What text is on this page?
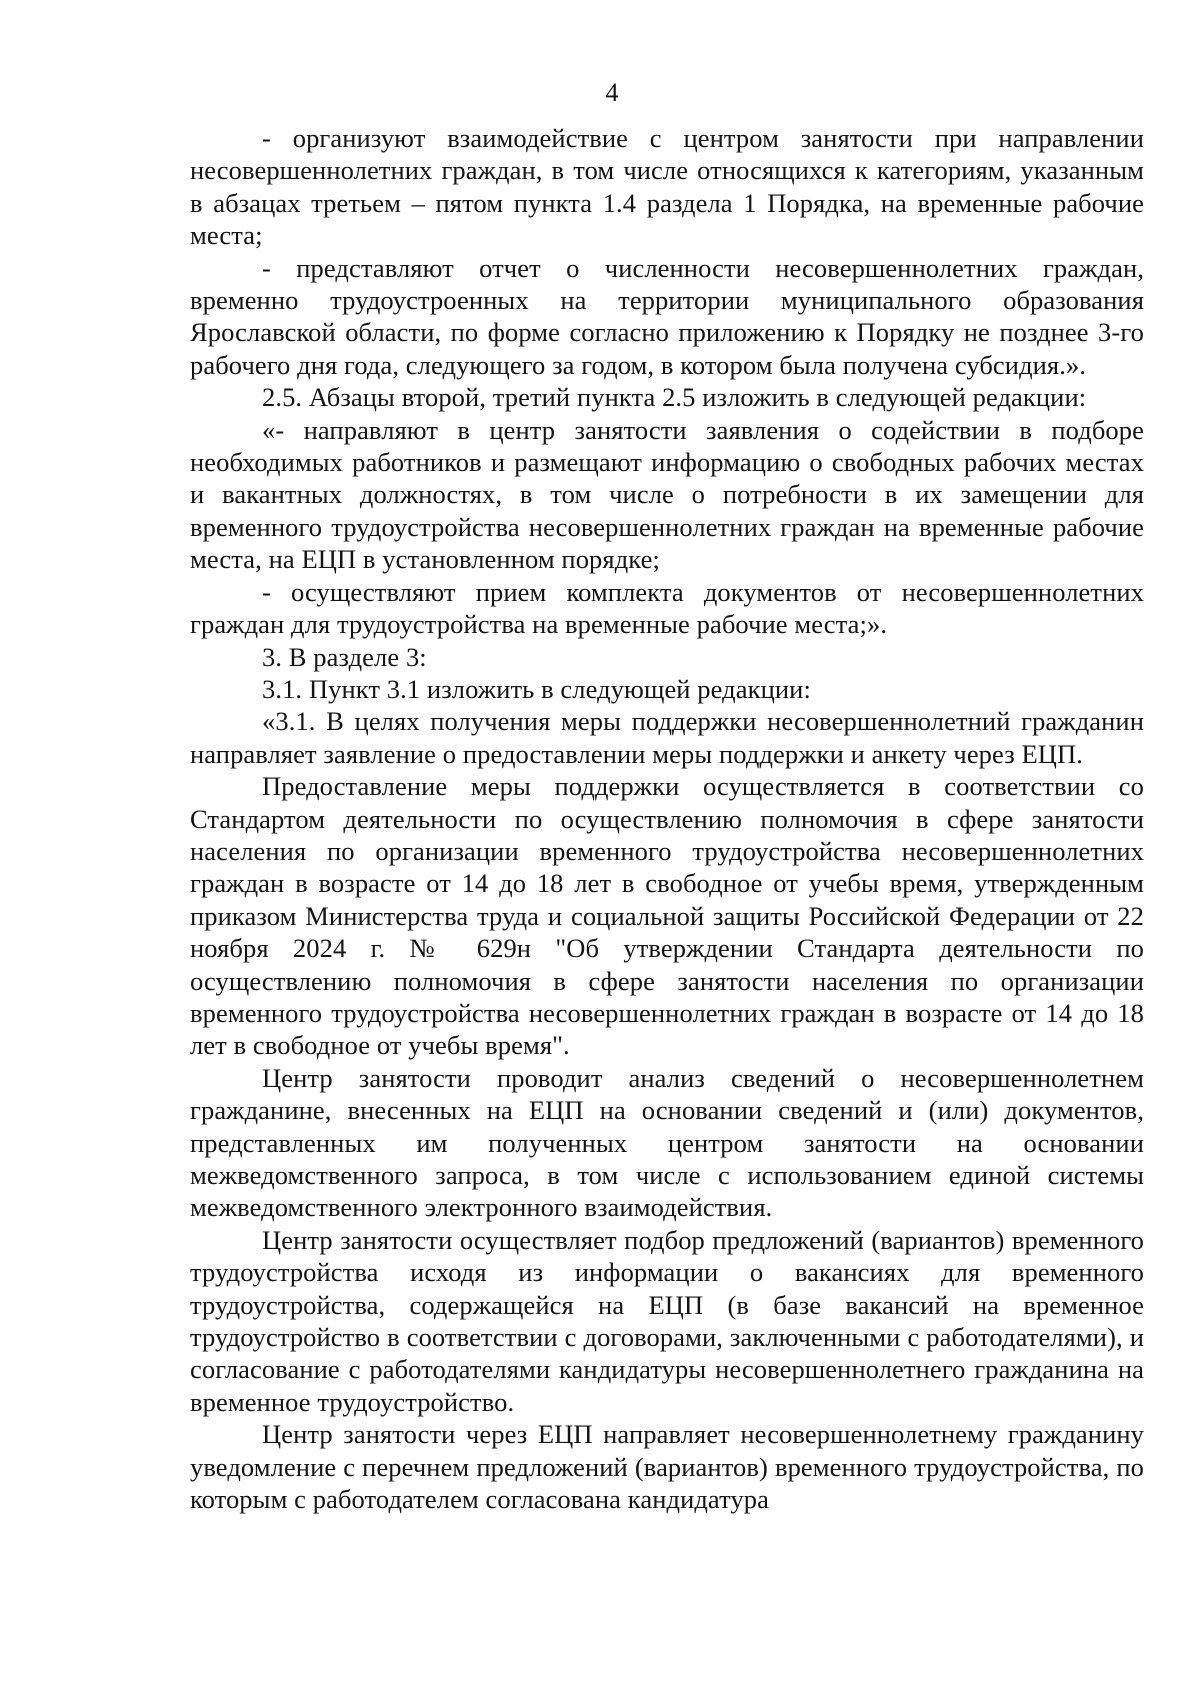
4

- организуют взаимодействие с центром занятости при направлении несовершеннолетних граждан, в том числе относящихся к категориям, указанным в абзацах третьем – пятом пункта 1.4 раздела 1 Порядка, на временные рабочие места;

- представляют отчет о численности несовершеннолетних граждан, временно трудоустроенных на территории муниципального образования Ярославской области, по форме согласно приложению к Порядку не позднее 3-го рабочего дня года, следующего за годом, в котором была получена субсидия.».

2.5. Абзацы второй, третий пункта 2.5 изложить в следующей редакции:

«- направляют в центр занятости заявления о содействии в подборе необходимых работников и размещают информацию о свободных рабочих местах и вакантных должностях, в том числе о потребности в их замещении для временного трудоустройства несовершеннолетних граждан на временные рабочие места, на ЕЦП в установленном порядке;

- осуществляют прием комплекта документов от несовершеннолетних граждан для трудоустройства на временные рабочие места;».

3. В разделе 3:

3.1. Пункт 3.1 изложить в следующей редакции:

«3.1. В целях получения меры поддержки несовершеннолетний гражданин направляет заявление о предоставлении меры поддержки и анкету через ЕЦП.

Предоставление меры поддержки осуществляется в соответствии со Стандартом деятельности по осуществлению полномочия в сфере занятости населения по организации временного трудоустройства несовершеннолетних граждан в возрасте от 14 до 18 лет в свободное от учебы время, утвержденным приказом Министерства труда и социальной защиты Российской Федерации от 22 ноября 2024 г. № 629н "Об утверждении Стандарта деятельности по осуществлению полномочия в сфере занятости населения по организации временного трудоустройства несовершеннолетних граждан в возрасте от 14 до 18 лет в свободное от учебы время".

Центр занятости проводит анализ сведений о несовершеннолетнем гражданине, внесенных на ЕЦП на основании сведений и (или) документов, представленных им полученных центром занятости на основании межведомственного запроса, в том числе с использованием единой системы межведомственного электронного взаимодействия.

Центр занятости осуществляет подбор предложений (вариантов) временного трудоустройства исходя из информации о вакансиях для временного трудоустройства, содержащейся на ЕЦП (в базе вакансий на временное трудоустройство в соответствии с договорами, заключенными с работодателями), и согласование с работодателями кандидатуры несовершеннолетнего гражданина на временное трудоустройство.

Центр занятости через ЕЦП направляет несовершеннолетнему гражданину уведомление с перечнем предложений (вариантов) временного трудоустройства, по которым с работодателем согласована кандидатура
